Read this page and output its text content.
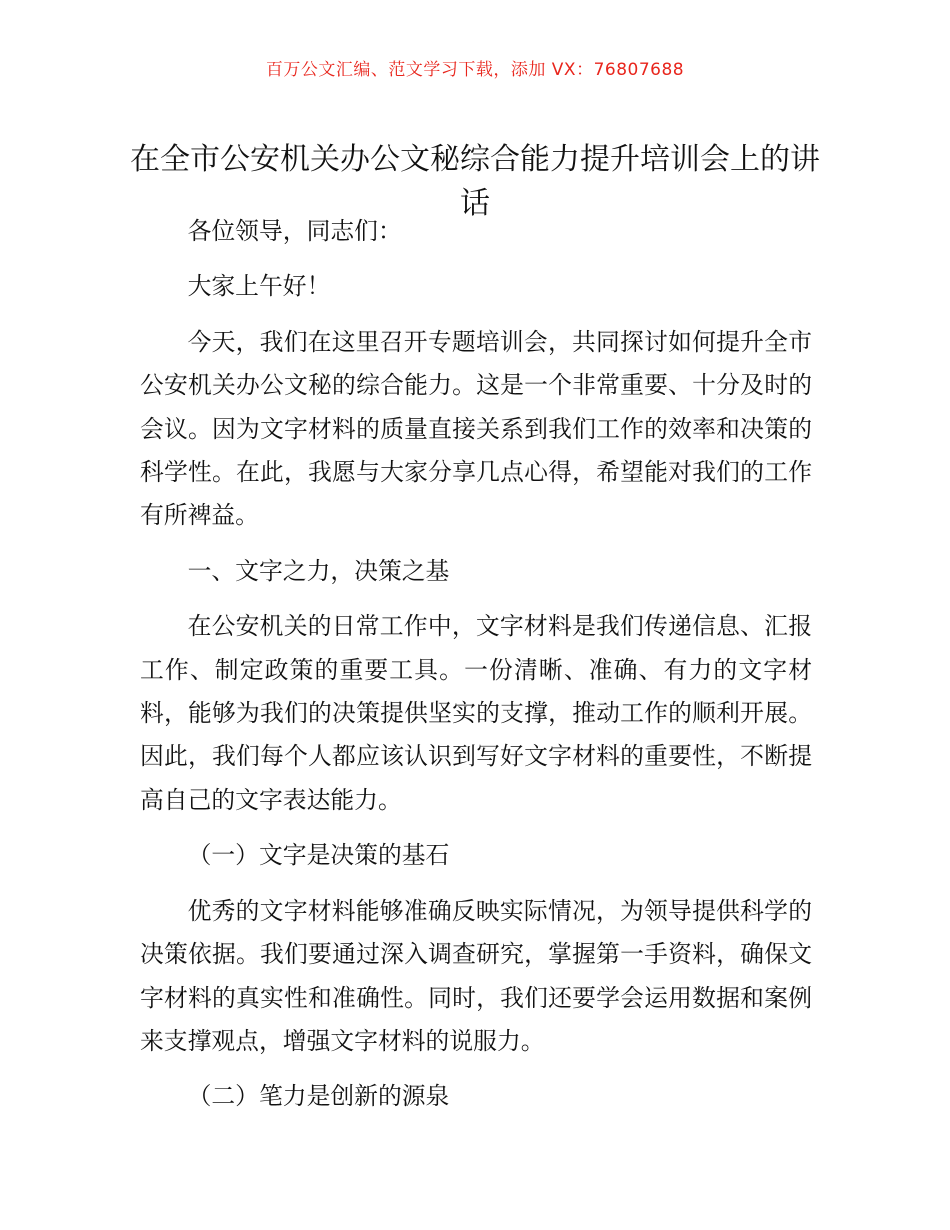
百万公文汇编、范文学习下载，添加 VX：76807688
在全市公安机关办公文秘综合能力提升培训会上的讲话

各位领导，同志们：

大家上午好！

今天，我们在这里召开专题培训会，共同探讨如何提升全市公安机关办公文秘的综合能力。这是一个非常重要、十分及时的会议。因为文字材料的质量直接关系到我们工作的效率和决策的科学性。在此，我愿与大家分享几点心得，希望能对我们的工作有所裨益。

一、文字之力，决策之基

在公安机关的日常工作中，文字材料是我们传递信息、汇报工作、制定政策的重要工具。一份清晰、准确、有力的文字材料，能够为我们的决策提供坚实的支撑，推动工作的顺利开展。因此，我们每个人都应该认识到写好文字材料的重要性，不断提高自己的文字表达能力。

（一）文字是决策的基石

优秀的文字材料能够准确反映实际情况，为领导提供科学的决策依据。我们要通过深入调查研究，掌握第一手资料，确保文字材料的真实性和准确性。同时，我们还要学会运用数据和案例来支撑观点，增强文字材料的说服力。

（二）笔力是创新的源泉
